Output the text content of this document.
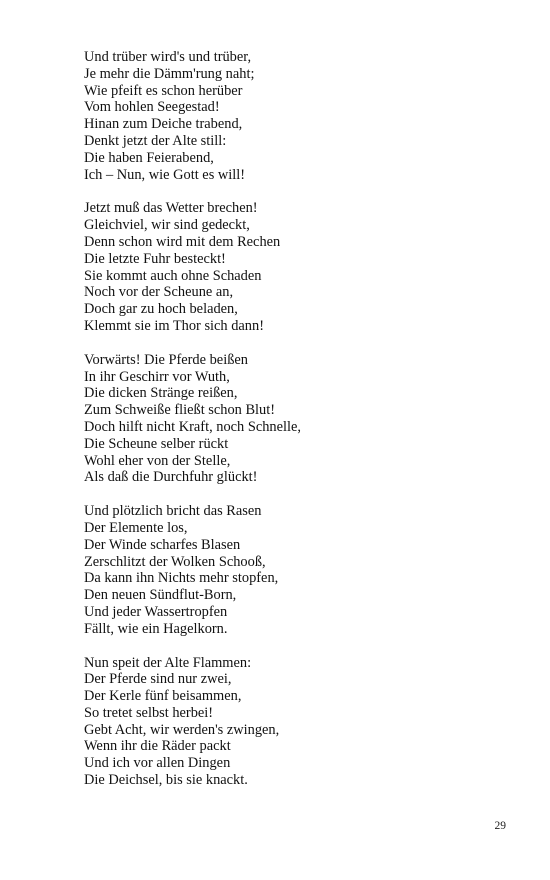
Und trüber wird's und trüber,
Je mehr die Dämm'rung naht;
Wie pfeift es schon herüber
Vom hohlen Seegestad!
Hinan zum Deiche trabend,
Denkt jetzt der Alte still:
Die haben Feierabend,
Ich – Nun, wie Gott es will!
Jetzt muß das Wetter brechen!
Gleichviel, wir sind gedeckt,
Denn schon wird mit dem Rechen
Die letzte Fuhr besteckt!
Sie kommt auch ohne Schaden
Noch vor der Scheune an,
Doch gar zu hoch beladen,
Klemmt sie im Thor sich dann!
Vorwärts! Die Pferde beißen
In ihr Geschirr vor Wuth,
Die dicken Stränge reißen,
Zum Schweiße fließt schon Blut!
Doch hilft nicht Kraft, noch Schnelle,
Die Scheune selber rückt
Wohl eher von der Stelle,
Als daß die Durchfuhr glückt!
Und plötzlich bricht das Rasen
Der Elemente los,
Der Winde scharfes Blasen
Zerschlitzt der Wolken Schooß,
Da kann ihn Nichts mehr stopfen,
Den neuen Sündflut-Born,
Und jeder Wassertropfen
Fällt, wie ein Hagelkorn.
Nun speit der Alte Flammen:
Der Pferde sind nur zwei,
Der Kerle fünf beisammen,
So tretet selbst herbei!
Gebt Acht, wir werden's zwingen,
Wenn ihr die Räder packt
Und ich vor allen Dingen
Die Deichsel, bis sie knackt.
29
